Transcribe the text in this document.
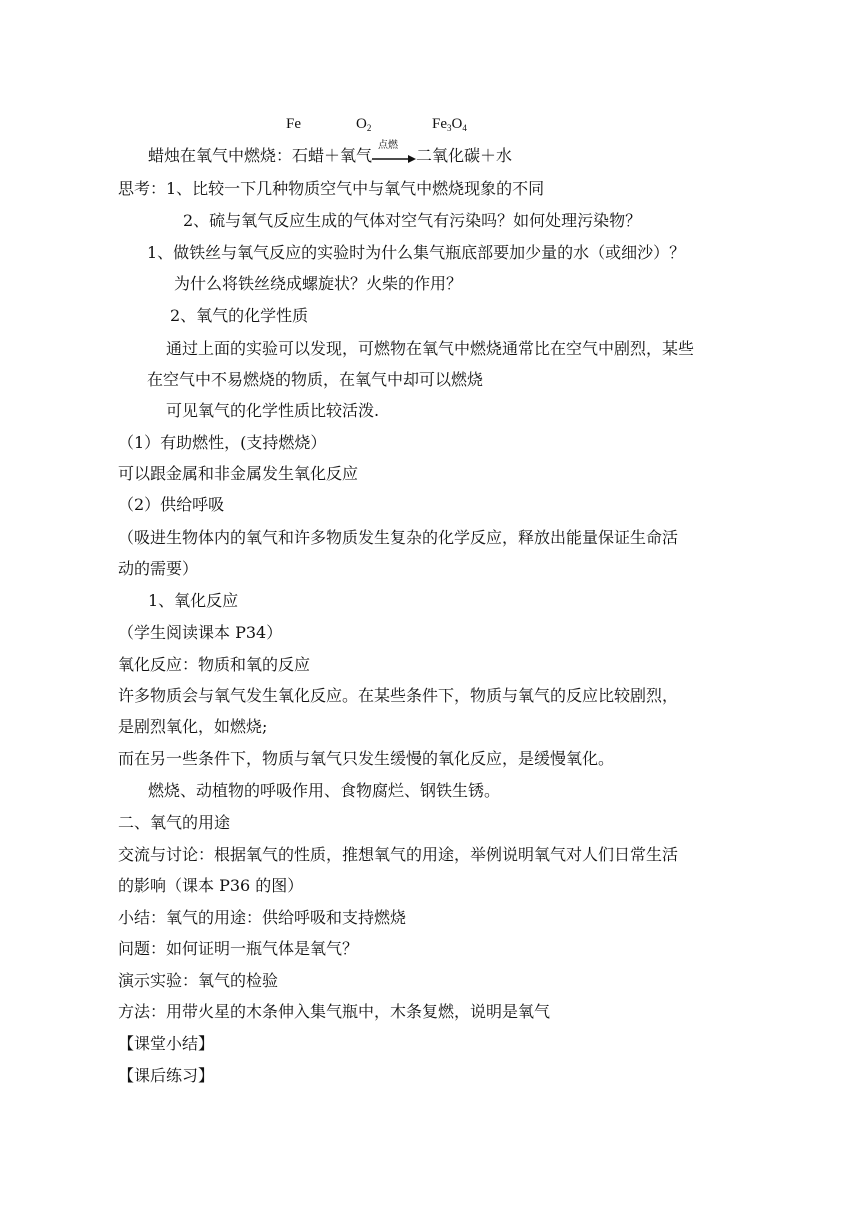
Fe	$O_2$	$Fe_3O_4$
蜡烛在氧气中燃烧：石蜡＋氧气
点燃
二氧化碳＋水
思考：1、比较一下几种物质空气中与氧气中燃烧现象的不同
2、硫与氧气反应生成的气体对空气有污染吗？如何处理污染物？
1、做铁丝与氧气反应的实验时为什么集气瓶底部要加少量的水（或细沙）？
为什么将铁丝绕成螺旋状？火柴的作用？
2、氧气的化学性质
通过上面的实验可以发现，可燃物在氧气中燃烧通常比在空气中剧烈，某些
在空气中不易燃烧的物质，在氧气中却可以燃烧
可见氧气的化学性质比较活泼.
（1）有助燃性，(支持燃烧）
可以跟金属和非金属发生氧化反应
（2）供给呼吸
（吸进生物体内的氧气和许多物质发生复杂的化学反应，释放出能量保证生命活
动的需要）
1、氧化反应
（学生阅读课本 P34）
氧化反应：物质和氧的反应
许多物质会与氧气发生氧化反应。在某些条件下，物质与氧气的反应比较剧烈，
是剧烈氧化，如燃烧;
而在另一些条件下，物质与氧气只发生缓慢的氧化反应，是缓慢氧化。
燃烧、动植物的呼吸作用、食物腐烂、钢铁生锈。
二、氧气的用途
交流与讨论：根据氧气的性质，推想氧气的用途，举例说明氧气对人们日常生活
的影响（课本 P36 的图）
小结：氧气的用途：供给呼吸和支持燃烧
问题：如何证明一瓶气体是氧气？
演示实验：氧气的检验
方法：用带火星的木条伸入集气瓶中，木条复燃，说明是氧气
【课堂小结】
【课后练习】
